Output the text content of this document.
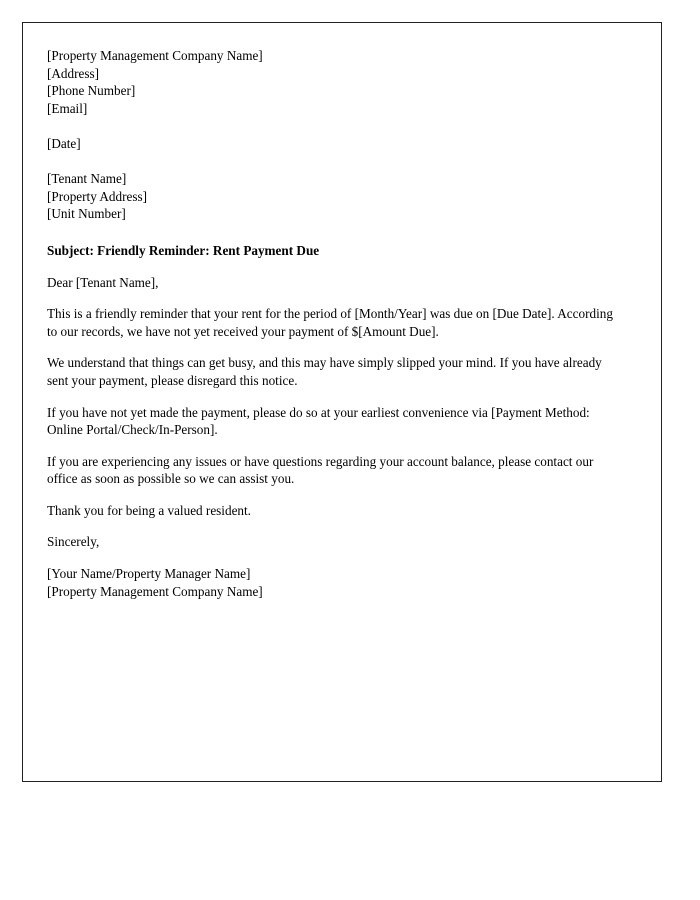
[Property Management Company Name]
[Address]
[Phone Number]
[Email]
[Date]
[Tenant Name]
[Property Address]
[Unit Number]
Subject: Friendly Reminder: Rent Payment Due
Dear [Tenant Name],
This is a friendly reminder that your rent for the period of [Month/Year] was due on [Due Date]. According to our records, we have not yet received your payment of $[Amount Due].
We understand that things can get busy, and this may have simply slipped your mind. If you have already sent your payment, please disregard this notice.
If you have not yet made the payment, please do so at your earliest convenience via [Payment Method: Online Portal/Check/In-Person].
If you are experiencing any issues or have questions regarding your account balance, please contact our office as soon as possible so we can assist you.
Thank you for being a valued resident.
Sincerely,
[Your Name/Property Manager Name]
[Property Management Company Name]
